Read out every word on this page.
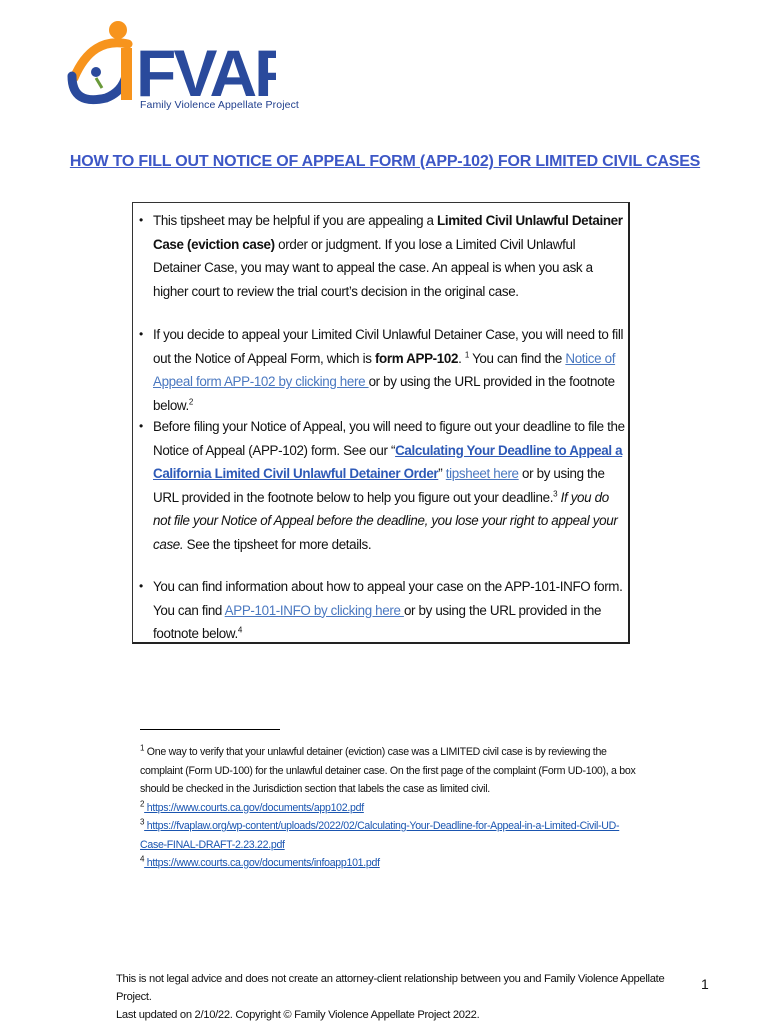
FVA
Family Violence Appellate Project
HOW TO FILL OUT NOTICE OF APPEAL FORM (APP-102) FOR LIMITED CIVIL CASES
• This tipsheet may be helpful if you are appealing a Limited Civil Unlawful Detainer Case (eviction case) order or judgment. If you lose a Limited Civil Unlawful Detainer Case, you may want to appeal the case. An appeal is when you ask a higher court to review the trial court’s decision in the original case.
• If you decide to appeal your Limited Civil Unlawful Detainer Case, you will need to fill out the Notice of Appeal Form, which is form APP-102. $^1$ You can find the Notice of Appeal form APP-102 by clicking here or by using the URL provided in the footnote below.$^2$
• Before filing your Notice of Appeal, you will need to figure out your deadline to file the Notice of Appeal (APP-102) form. See our “Calculating Your Deadline to Appeal a California Limited Civil Unlawful Detainer Order” tipsheet here or by using the URL provided in the footnote below to help you figure out your deadline.$^3$ If you do not file your Notice of Appeal before the deadline, you lose your right to appeal your case. See the tipsheet for more details.
• You can find information about how to appeal your case on the APP-101-INFO form. You can find APP-101-INFO by clicking here or by using the URL provided in the footnote below.$^4$

$^1$ One way to verify that your unlawful detainer (eviction) case was a LIMITED civil case is by reviewing the complaint (Form UD-100) for the unlawful detainer case. On the first page of the complaint (Form UD-100), a box should be checked in the Jurisdiction section that labels the case as limited civil.

$^2$ https://www.courts.ca.gov/documents/app102.pdf

$^3$ https://fvaplaw.org/wp-content/uploads/2022/02/Calculating-Your-Deadline-for-Appeal-in-a-Limited-Civil-UD-Case-FINAL-DRAFT-2.23.22.pdf

$^4$ https://www.courts.ca.gov/documents/infoapp101.pdf

This is not legal advice and does not create an attorney-client relationship between you and Family Violence Appellate Project.
Last updated on 2/10/22. Copyright © Family Violence Appellate Project 2022.
1
